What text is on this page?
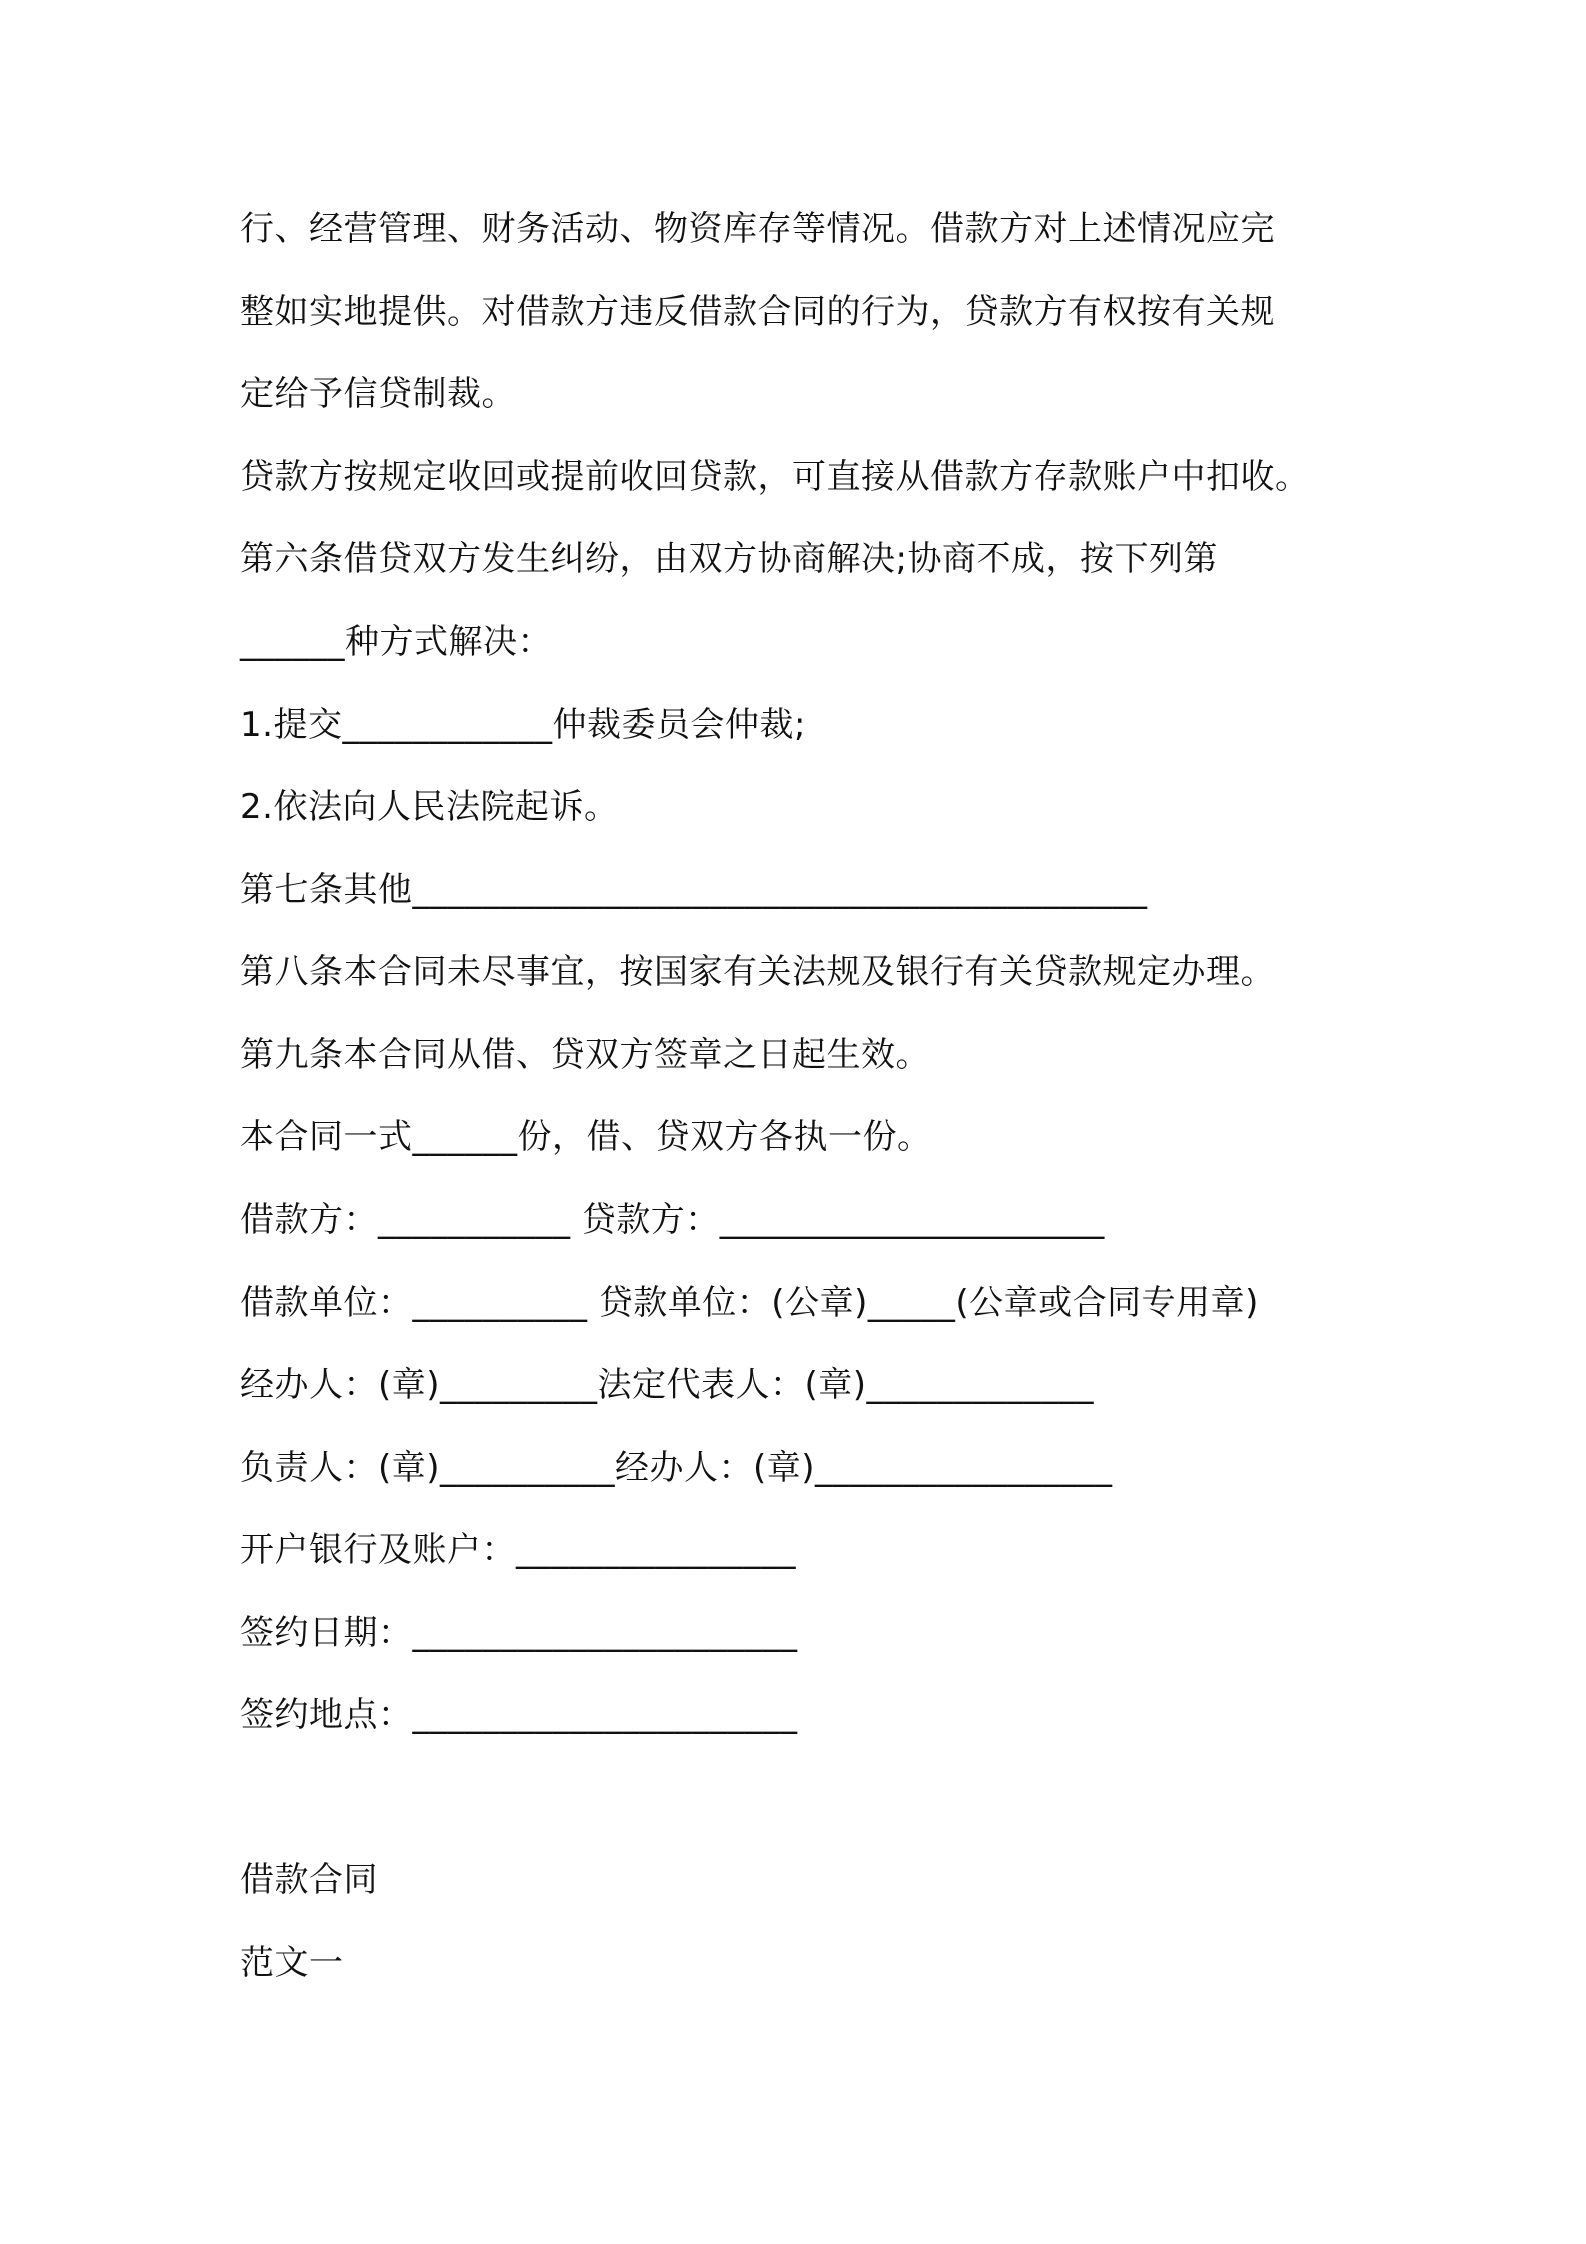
行、经营管理、财务活动、物资库存等情况。借款方对上述情况应完
整如实地提供。对借款方违反借款合同的行为，贷款方有权按有关规
定给予信贷制裁。
贷款方按规定收回或提前收回贷款，可直接从借款方存款账户中扣收。
第六条借贷双方发生纠纷，由双方协商解决;协商不成，按下列第
______种方式解决：
1.提交____________仲裁委员会仲裁;
2.依法向人民法院起诉。
第七条其他__________________________________________
第八条本合同未尽事宜，按国家有关法规及银行有关贷款规定办理。
第九条本合同从借、贷双方签章之日起生效。
本合同一式______份，借、贷双方各执一份。
借款方：___________ 贷款方：______________________
借款单位：__________ 贷款单位：(公章)_____(公章或合同专用章)
经办人：(章)_________法定代表人：(章)_____________
负责人：(章)__________经办人：(章)_________________
开户银行及账户：________________
签约日期：______________________
签约地点：______________________
借款合同
范文一
